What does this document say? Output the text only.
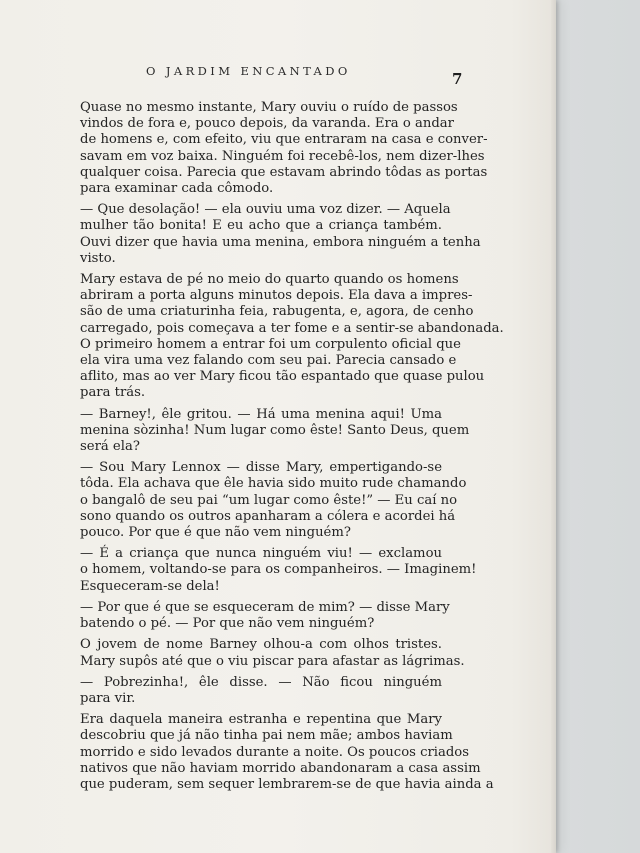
O JARDIM ENCANTADO	7
Quase no mesmo instante, Mary ouviu o ruído de passos
vindos de fora e, pouco depois, da varanda. Era o andar
de homens e, com efeito, viu que entraram na casa e conver-
savam em voz baixa. Ninguém foi recebê-los, nem dizer-lhes
qualquer coisa. Parecia que estavam abrindo tôdas as portas
para examinar cada cômodo.
— Que desolação! — ela ouviu uma voz dizer. — Aquela
mulher tão bonita! E eu acho que a criança também.
Ouvi dizer que havia uma menina, embora ninguém a tenha
visto.
Mary estava de pé no meio do quarto quando os homens
abriram a porta alguns minutos depois. Ela dava a impres-
são de uma criaturinha feia, rabugenta, e, agora, de cenho
carregado, pois começava a ter fome e a sentir-se abandonada.
O primeiro homem a entrar foi um corpulento oficial que
ela vira uma vez falando com seu pai. Parecia cansado e
aflito, mas ao ver Mary ficou tão espantado que quase pulou
para trás.
— Barney!, êle gritou. — Há uma menina aqui! Uma
menina sòzinha! Num lugar como êste! Santo Deus, quem
será ela?
— Sou Mary Lennox — disse Mary, empertigando-se
tôda. Ela achava que êle havia sido muito rude chamando
o bangalô de seu pai “um lugar como êste!” — Eu caí no
sono quando os outros apanharam a cólera e acordei há
pouco. Por que é que não vem ninguém?
— É a criança que nunca ninguém viu! — exclamou
o homem, voltando-se para os companheiros. — Imaginem!
Esqueceram-se dela!
— Por que é que se esqueceram de mim? — disse Mary
batendo o pé. — Por que não vem ninguém?
O jovem de nome Barney olhou-a com olhos tristes.
Mary supôs até que o viu piscar para afastar as lágrimas.
— Pobrezinha!, êle disse. — Não ficou ninguém
para vir.
Era daquela maneira estranha e repentina que Mary
descobriu que já não tinha pai nem mãe; ambos haviam
morrido e sido levados durante a noite. Os poucos criados
nativos que não haviam morrido abandonaram a casa assim
que puderam, sem sequer lembrarem-se de que havia ainda a
